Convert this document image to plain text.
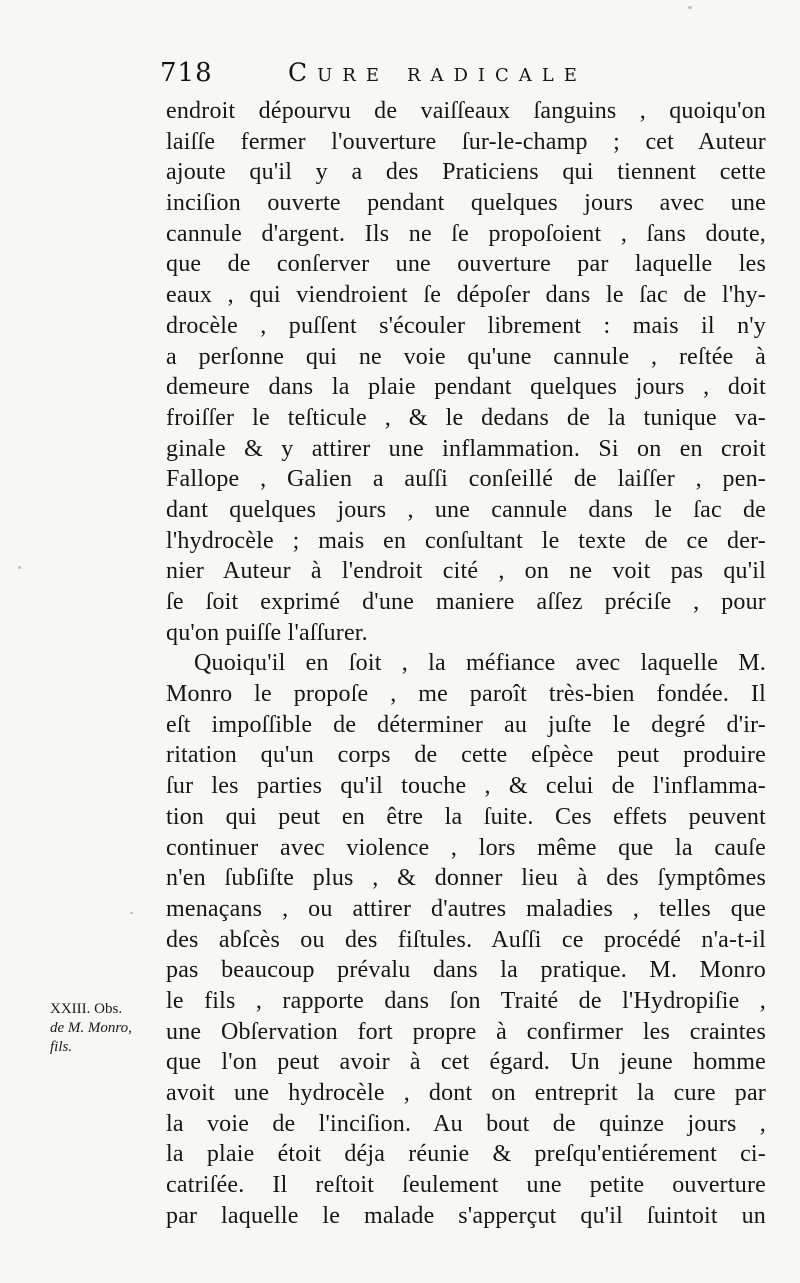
718	Cure radicale
endroit dépourvu de vaiſſeaux ſanguins , quoiqu'on
laiſſe fermer l'ouverture ſur-le-champ ; cet Auteur
ajoute qu'il y a des Praticiens qui tiennent cette
inciſion ouverte pendant quelques jours avec une
cannule d'argent. Ils ne ſe propoſoient , ſans doute,
que de conſerver une ouverture par laquelle les
eaux , qui viendroient ſe dépoſer dans le ſac de l'hy-
drocèle , puſſent s'écouler librement : mais il n'y
a perſonne qui ne voie qu'une cannule , reſtée à
demeure dans la plaie pendant quelques jours , doit
froiſſer le teſticule , & le dedans de la tunique va-
ginale & y attirer une inflammation. Si on en croit
Fallope , Galien a auſſi conſeillé de laiſſer , pen-
dant quelques jours , une cannule dans le ſac de
l'hydrocèle ; mais en conſultant le texte de ce der-
nier Auteur à l'endroit cité , on ne voit pas qu'il
ſe ſoit exprimé d'une maniere aſſez préciſe , pour
qu'on puiſſe l'aſſurer.
Quoiqu'il en ſoit , la méfiance avec laquelle M.
Monro le propoſe , me paroît très-bien fondée. Il
eſt impoſſible de déterminer au juſte le degré d'ir-
ritation qu'un corps de cette eſpèce peut produire
ſur les parties qu'il touche , & celui de l'inflamma-
tion qui peut en être la ſuite. Ces effets peuvent
continuer avec violence , lors même que la cauſe
n'en ſubſiſte plus , & donner lieu à des ſymptômes
menaçans , ou attirer d'autres maladies , telles que
des abſcès ou des fiſtules. Auſſi ce procédé n'a-t-il
pas beaucoup prévalu dans la pratique. M. Monro
le fils , rapporte dans ſon Traité de l'Hydropiſie ,
une Obſervation fort propre à confirmer les craintes
que l'on peut avoir à cet égard. Un jeune homme
avoit une hydrocèle , dont on entreprit la cure par
la voie de l'inciſion. Au bout de quinze jours ,
la plaie étoit déja réunie & preſqu'entiérement ci-
catriſée. Il reſtoit ſeulement une petite ouverture
par laquelle le malade s'apperçut qu'il ſuintoit un
XXIII. Obs.
de M. Monro,
fils.
